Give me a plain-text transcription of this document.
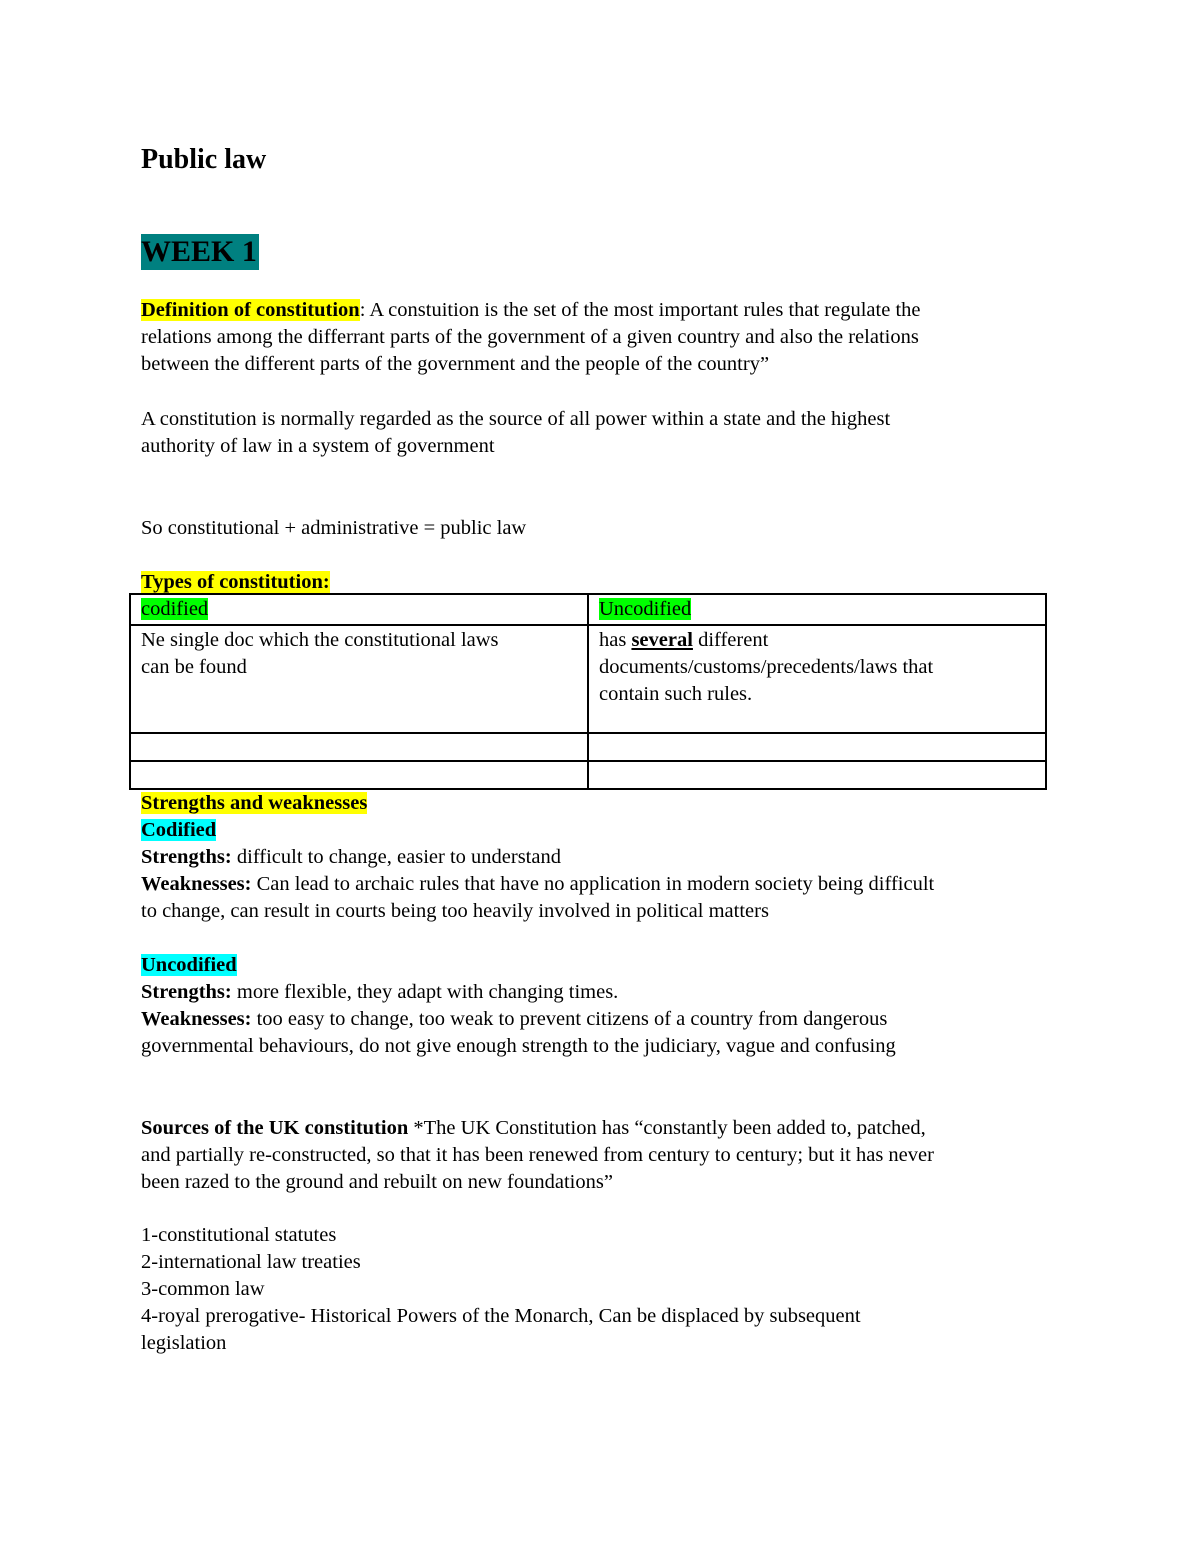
Public law
WEEK 1

Definition of constitution: A constuition is the set of the most important rules that regulate the
relations among the differrant parts of the government of a given country and also the relations
between the different parts of the government and the people of the country”

A constitution is normally regarded as the source of all power within a state and the highest
authority of law in a system of government

So constitutional + administrative = public law

Types of constitution:

codified	Uncodified

Ne single doc which the constitutional laws
can be found	has several different
documents/customs/precedents/laws that
contain such rules.

Strengths and weaknesses
Codified
Strengths: difficult to change, easier to understand
Weaknesses: Can lead to archaic rules that have no application in modern society being difficult
to change, can result in courts being too heavily involved in political matters

Uncodified
Strengths: more flexible, they adapt with changing times.
Weaknesses: too easy to change, too weak to prevent citizens of a country from dangerous
governmental behaviours, do not give enough strength to the judiciary, vague and confusing

Sources of the UK constitution *The UK Constitution has “constantly been added to, patched,
and partially re-constructed, so that it has been renewed from century to century; but it has never
been razed to the ground and rebuilt on new foundations”

1-constitutional statutes
2-international law treaties
3-common law
4-royal prerogative- Historical Powers of the Monarch, Can be displaced by subsequent
legislation
